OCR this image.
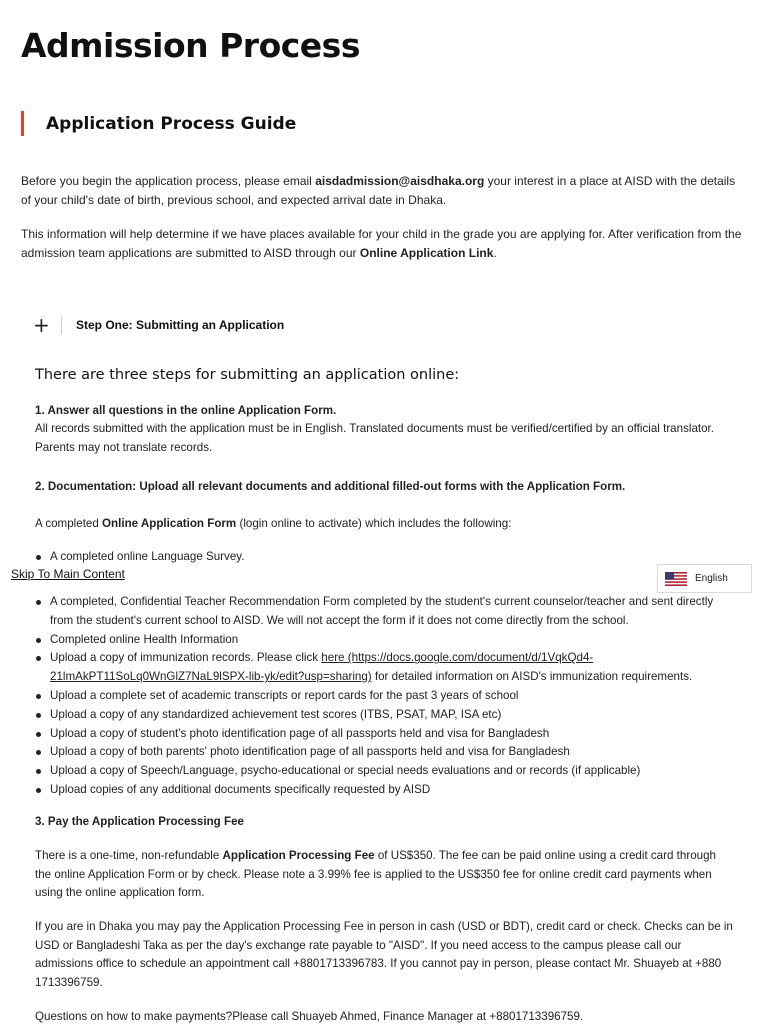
Admission Process
Application Process Guide

Before you begin the application process, please email aisdadmission@aisdhaka.org your interest in a place at AISD with the details of your child's date of birth, previous school, and expected arrival date in Dhaka.

This information will help determine if we have places available for your child in the grade you are applying for. After verification from the admission team applications are submitted to AISD through our Online Application Link.

+ Step One: Submitting an Application
There are three steps for submitting an application online:

1. Answer all questions in the online Application Form.

All records submitted with the application must be in English. Translated documents must be verified/certified by an official translator. Parents may not translate records.

2. Documentation: Upload all relevant documents and additional filled-out forms with the Application Form.

A completed Online Application Form (login online to activate) which includes the following:

A completed online Language Survey.
A completed, Confidential Teacher Recommendation Form completed by the student's current counselor/teacher and sent directly from the student's current school to AISD. We will not accept the form if it does not come directly from the school.
Completed online Health Information
Upload a copy of immunization records. Please click here (https://docs.google.com/document/d/1VqkQd4-21lmAkPT11SoLq0WnGlZ7NaL9lSPX-lib-yk/edit?usp=sharing) for detailed information on AISD's immunization requirements.
Upload a complete set of academic transcripts or report cards for the past 3 years of school
Upload a copy of any standardized achievement test scores (ITBS, PSAT, MAP, ISA etc)
Upload a copy of student's photo identification page of all passports held and visa for Bangladesh
Upload a copy of both parents' photo identification page of all passports held and visa for Bangladesh
Upload a copy of Speech/Language, psycho-educational or special needs evaluations and or records (if applicable)
Upload copies of any additional documents specifically requested by AISD

3. Pay the Application Processing Fee

There is a one-time, non-refundable Application Processing Fee of US$350. The fee can be paid online using a credit card through the online Application Form or by check. Please note a 3.99% fee is applied to the US$350 fee for online credit card payments when using the online application form.

If you are in Dhaka you may pay the Application Processing Fee in person in cash (USD or BDT), credit card or check. Checks can be in USD or Bangladeshi Taka as per the day's exchange rate payable to "AISD". If you need access to the campus please call our admissions office to schedule an appointment call +8801713396783. If you cannot pay in person, please contact Mr. Shuayeb at +880 1713396759.

Questions on how to make payments?Please call Shuayeb Ahmed, Finance Manager at +8801713396759.

Skip To Main Content	English
